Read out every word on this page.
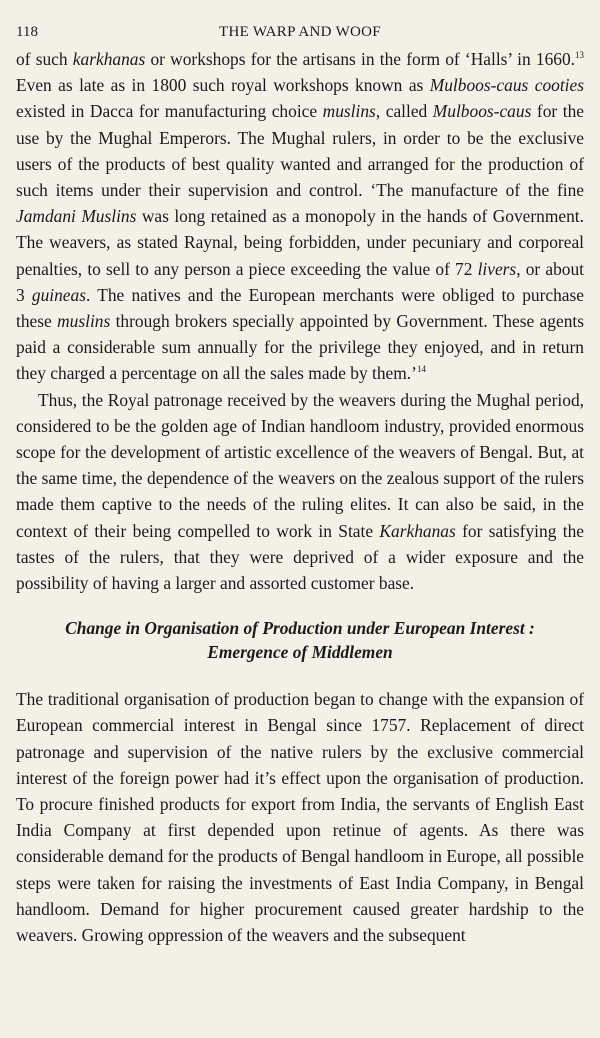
118	THE WARP AND WOOF

of such karkhanas or workshops for the artisans in the form of ‘Halls’ in 1660.13 Even as late as in 1800 such royal workshops known as Mulboos-caus cooties existed in Dacca for manufacturing choice muslins, called Mulboos-caus for the use by the Mughal Emperors. The Mughal rulers, in order to be the exclusive users of the products of best quality wanted and arranged for the production of such items under their supervision and control. ‘The manufacture of the fine Jamdani Muslins was long retained as a monopoly in the hands of Government. The weavers, as stated Raynal, being forbidden, under pecuniary and corporeal penalties, to sell to any person a piece exceeding the value of 72 livers, or about 3 guineas. The natives and the European merchants were obliged to purchase these muslins through brokers specially appointed by Government. These agents paid a considerable sum annually for the privilege they enjoyed, and in return they charged a percentage on all the sales made by them.’$^{14}$

Thus, the Royal patronage received by the weavers during the Mughal period, considered to be the golden age of Indian handloom industry, provided enormous scope for the development of artistic excellence of the weavers of Bengal. But, at the same time, the dependence of the weavers on the zealous support of the rulers made them captive to the needs of the ruling elites. It can also be said, in the context of their being compelled to work in State Karkhanas for satisfying the tastes of the rulers, that they were deprived of a wider exposure and the possibility of having a larger and assorted customer base.

Change in Organisation of Production under European Interest :
Emergence of Middlemen

The traditional organisation of production began to change with the expansion of European commercial interest in Bengal since 1757. Replacement of direct patronage and supervision of the native rulers by the exclusive commercial interest of the foreign power had it’s effect upon the organisation of production. To procure finished products for export from India, the servants of English East India Company at first depended upon retinue of agents. As there was considerable demand for the products of Bengal handloom in Europe, all possible steps were taken for raising the investments of East India Company, in Bengal handloom. Demand for higher procurement caused greater hardship to the weavers. Growing oppression of the weavers and the subsequent
